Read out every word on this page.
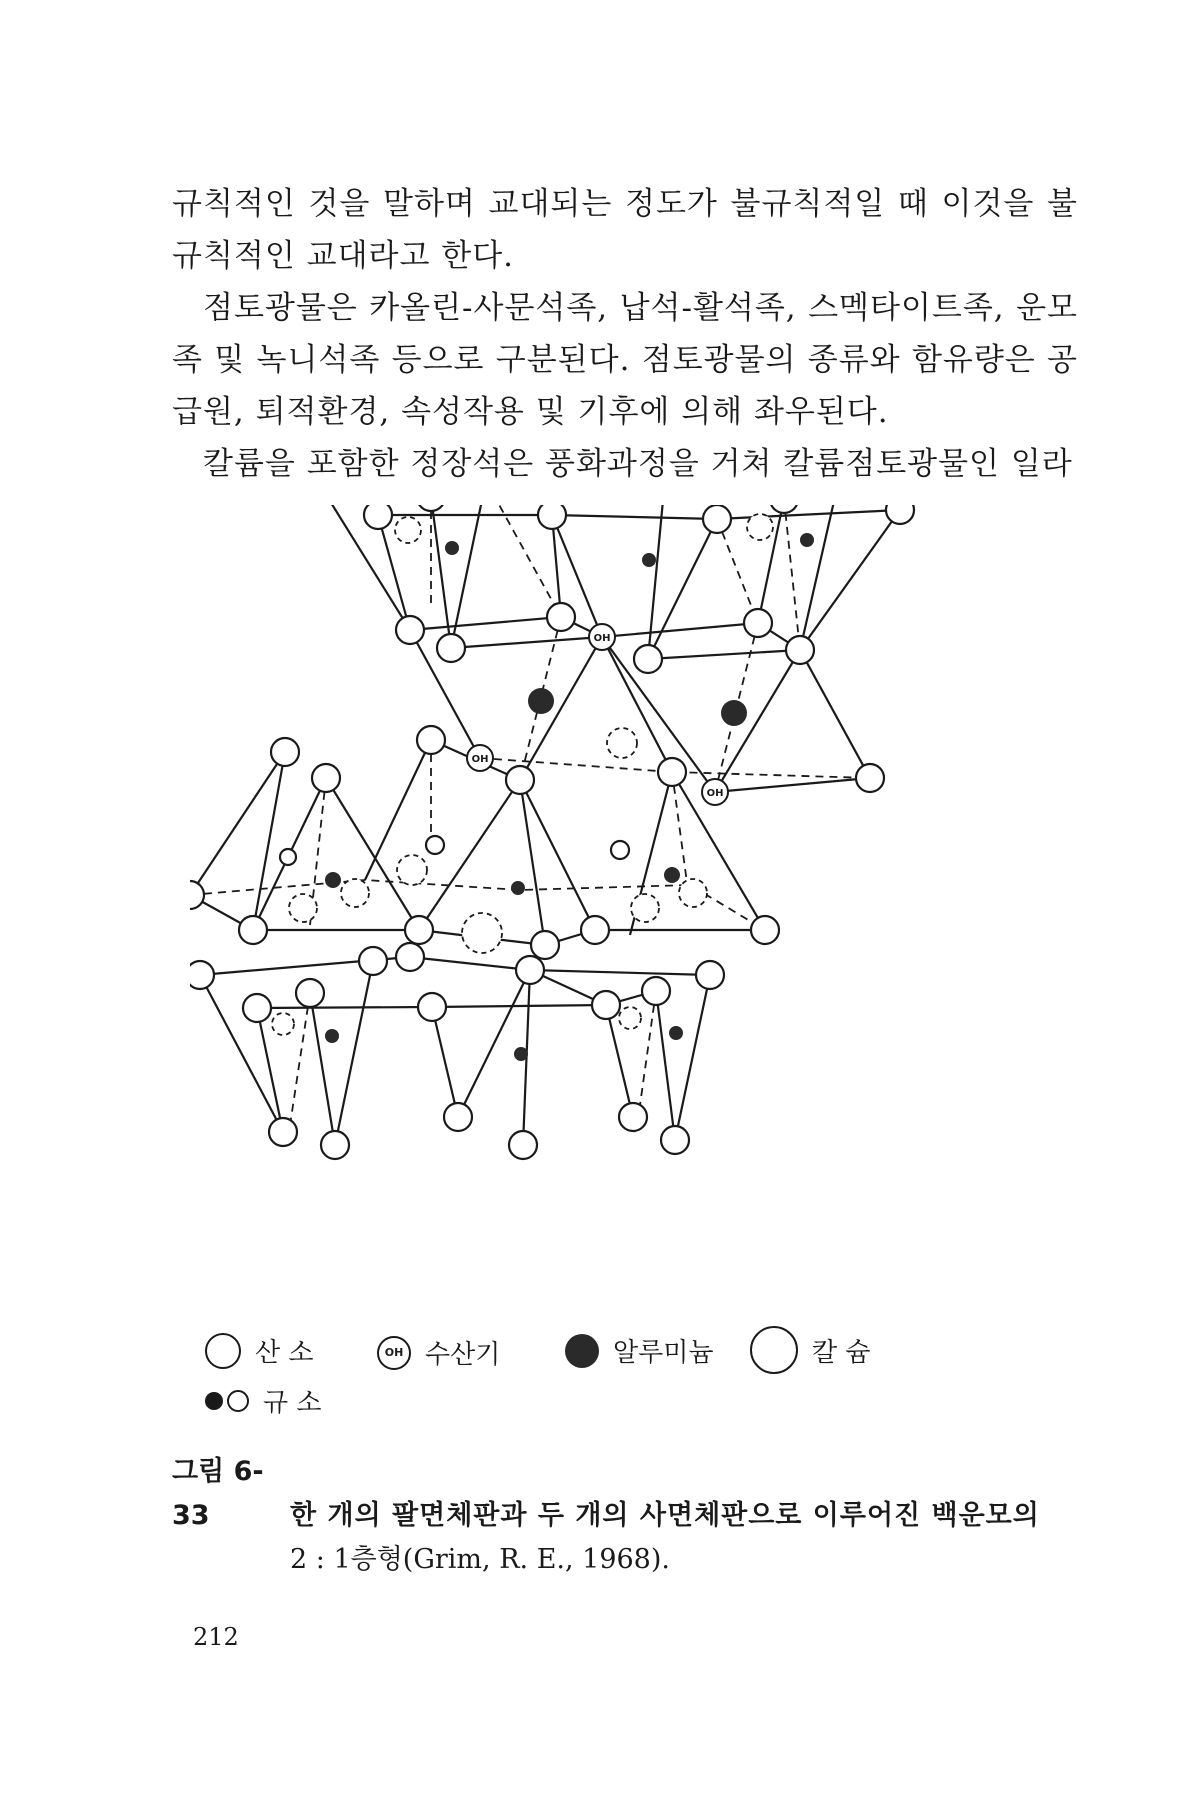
규칙적인 것을 말하며 교대되는 정도가 불규칙적일 때 이것을 불규칙적인 교대라고 한다.

점토광물은 카올린-사문석족, 납석-활석족, 스멕타이트족, 운모족 및 녹니석족 등으로 구분된다. 점토광물의 종류와 함유량은 공급원, 퇴적환경, 속성작용 및 기후에 의해 좌우된다.

칼륨을 포함한 정장석은 풍화과정을 거쳐 칼륨점토광물인 일라

OH
OH
OH
산 소	OH 수산기	알루미늄	칼 슘
규 소
그림 6-33	한 개의 팔면체판과 두 개의 사면체판으로 이루어진 백운모의
2 : 1층형(Grim, R. E., 1968).
212
